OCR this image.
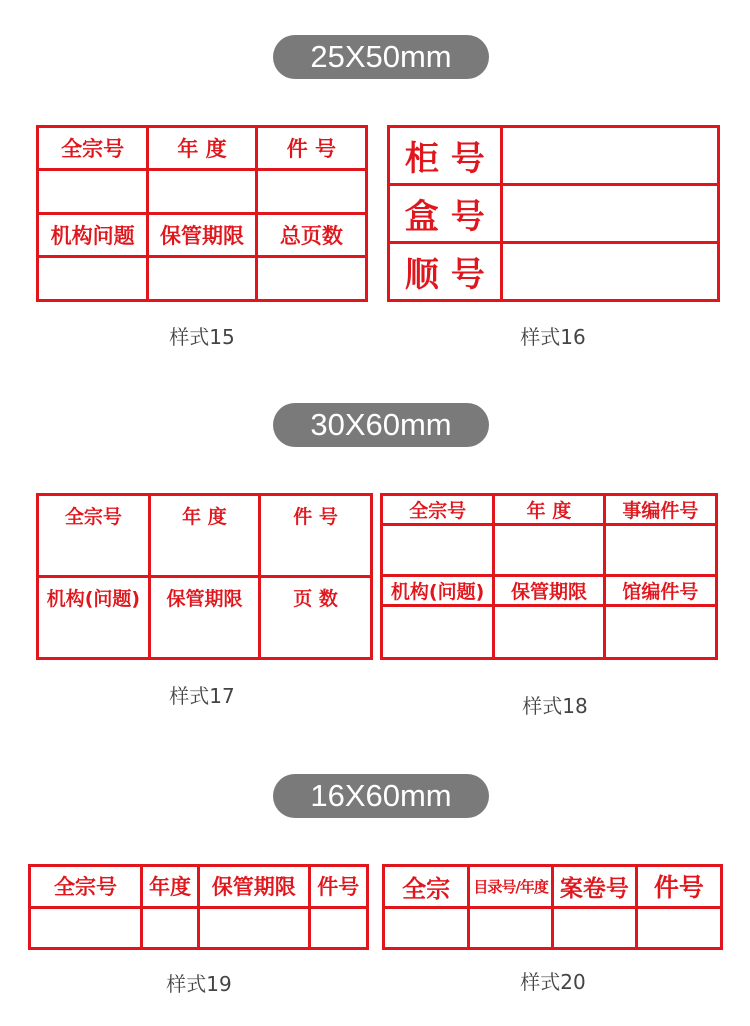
25X50mm
全宗号	年 度	件 号

机构问题	保管期限	总页数

样式15
柜 号	
盒 号	
顺 号	
样式16
30X60mm
全宗号	年 度	件 号
机构(问题)	保管期限	页 数
样式17
全宗号	年 度	事编件号

机构(问题)	保管期限	馆编件号

样式18
16X60mm
全宗号	年度	保管期限	件号

样式19
全宗	目录号/年度	案卷号	件号

样式20
